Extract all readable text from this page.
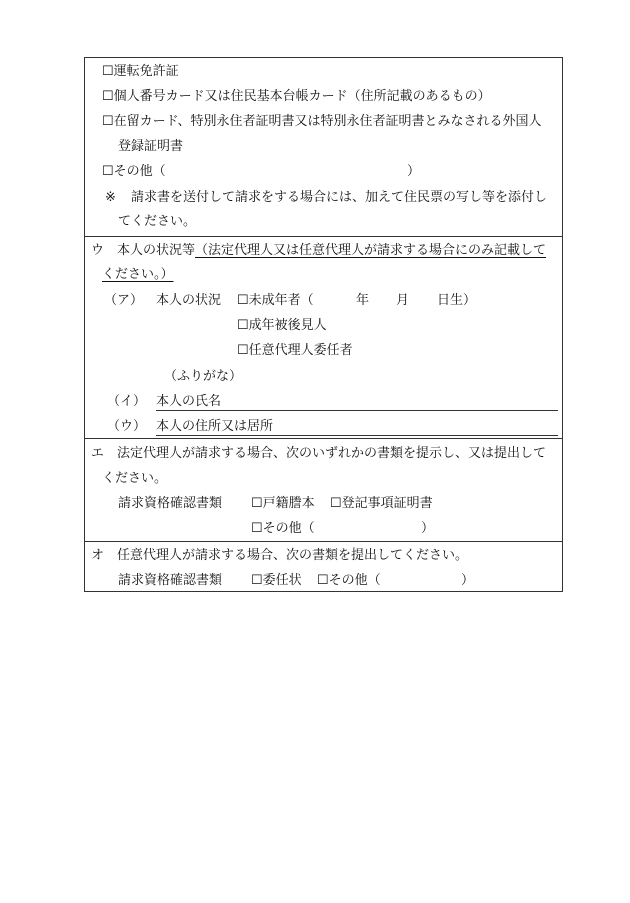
☐運転免許証
☐個人番号カード又は住民基本台帳カード（住所記載のあるもの）
☐在留カード、特別永住者証明書又は特別永住者証明書とみなされる外国人
登録証明書
☐その他（	）
※ 請求書を送付して請求をする場合には、加えて住民票の写し等を添付し
てください。
ウ　本人の状況等（法定代理人又は任意代理人が請求する場合にのみ記載して
ください。）
（ア） 本人の状況 ☐未成年者（	年 月 日生）
☐成年被後見人
☐任意代理人委任者
（ふりがな）
（イ） 本人の氏名
（ウ） 本人の住所又は居所
エ　法定代理人が請求する場合、次のいずれかの書類を提示し、又は提出して
ください。
請求資格確認書類 ☐戸籍謄本 ☐登記事項証明書
☐その他（	）
オ　任意代理人が請求する場合、次の書類を提出してください。
請求資格確認書類 ☐委任状 ☐その他（	）
